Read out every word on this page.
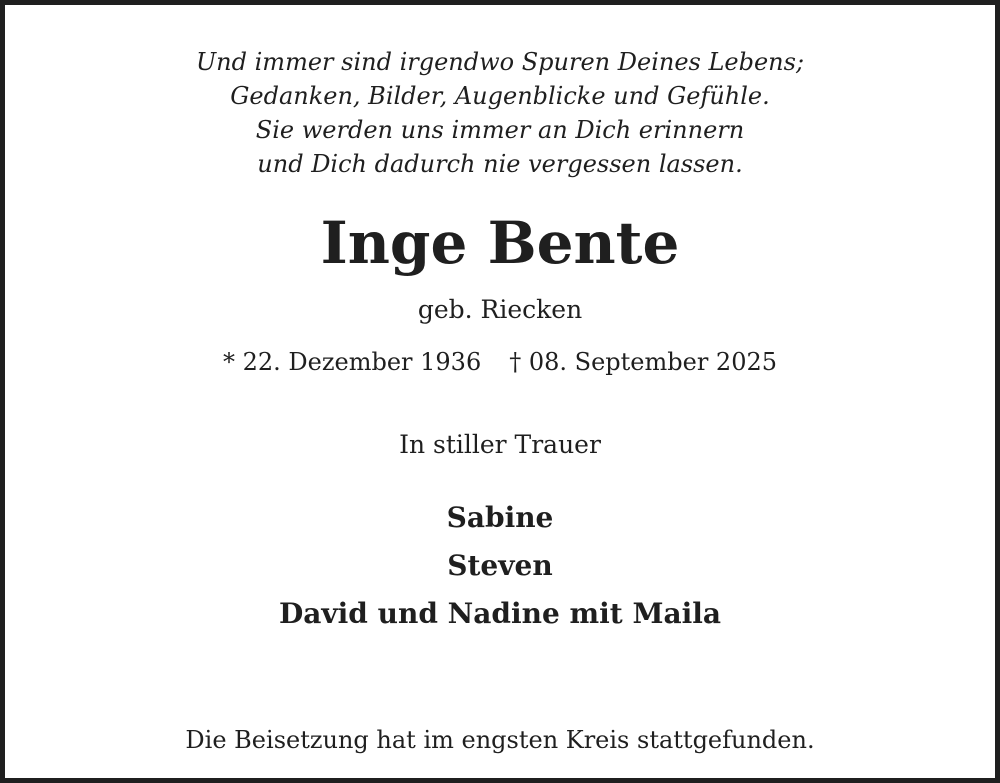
Und immer sind irgendwo Spuren Deines Lebens;
Gedanken, Bilder, Augenblicke und Gefühle.
Sie werden uns immer an Dich erinnern
und Dich dadurch nie vergessen lassen.

Inge Bente
geb. Riecken
* 22. Dezember 1936 † 08. September 2025
In stiller Trauer
Sabine
Steven
David und Nadine mit Maila
Die Beisetzung hat im engsten Kreis stattgefunden.
